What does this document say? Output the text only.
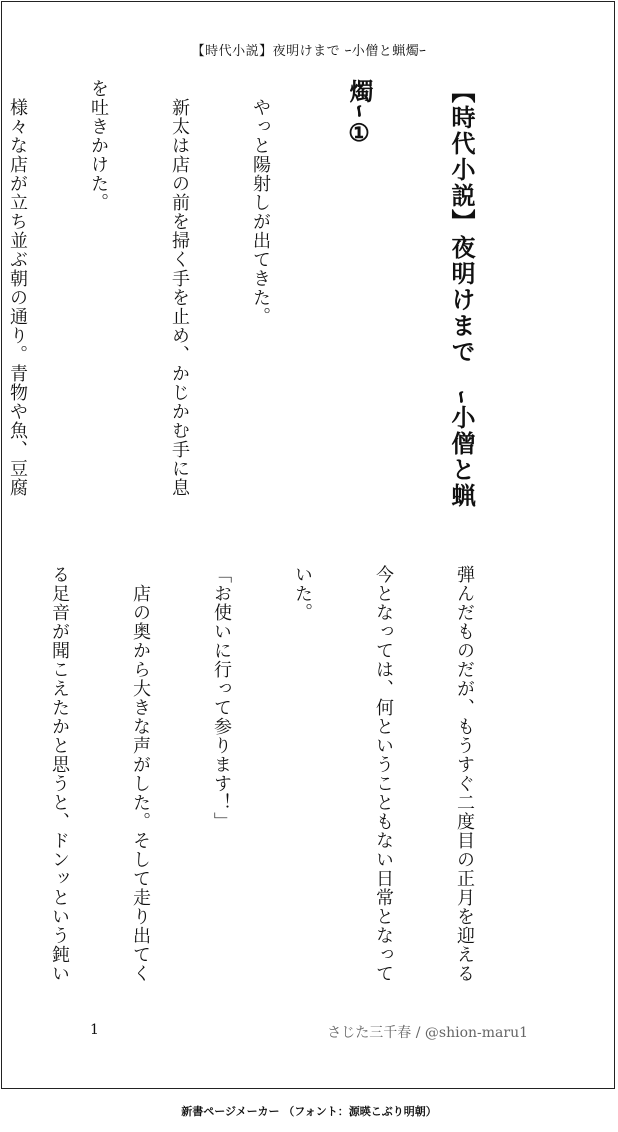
【時代小説】夜明けまで ｰ小僧と蝋燭ｰ

【時代小説】夜明けまで　ｰ小僧と蝋

燭ｰ①

　やっと陽射しが出てきた。

　新太は店の前を掃く手を止め、かじかむ手に息

を吐きかけた。

　様々な店が立ち並ぶ朝の通り。青物や魚、豆腐

弾んだものだが、もうすぐ二度目の正月を迎える

今となっては、何ということもない日常となって

いた。

「お使いに行って参ります！」

　店の奥から大きな声がした。そして走り出てく

る足音が聞こえたかと思うと、ドンッという鈍い

1	さじた三千春 / @shion-maru1
新書ページメーカー （フォント：源暎こぶり明朝）
